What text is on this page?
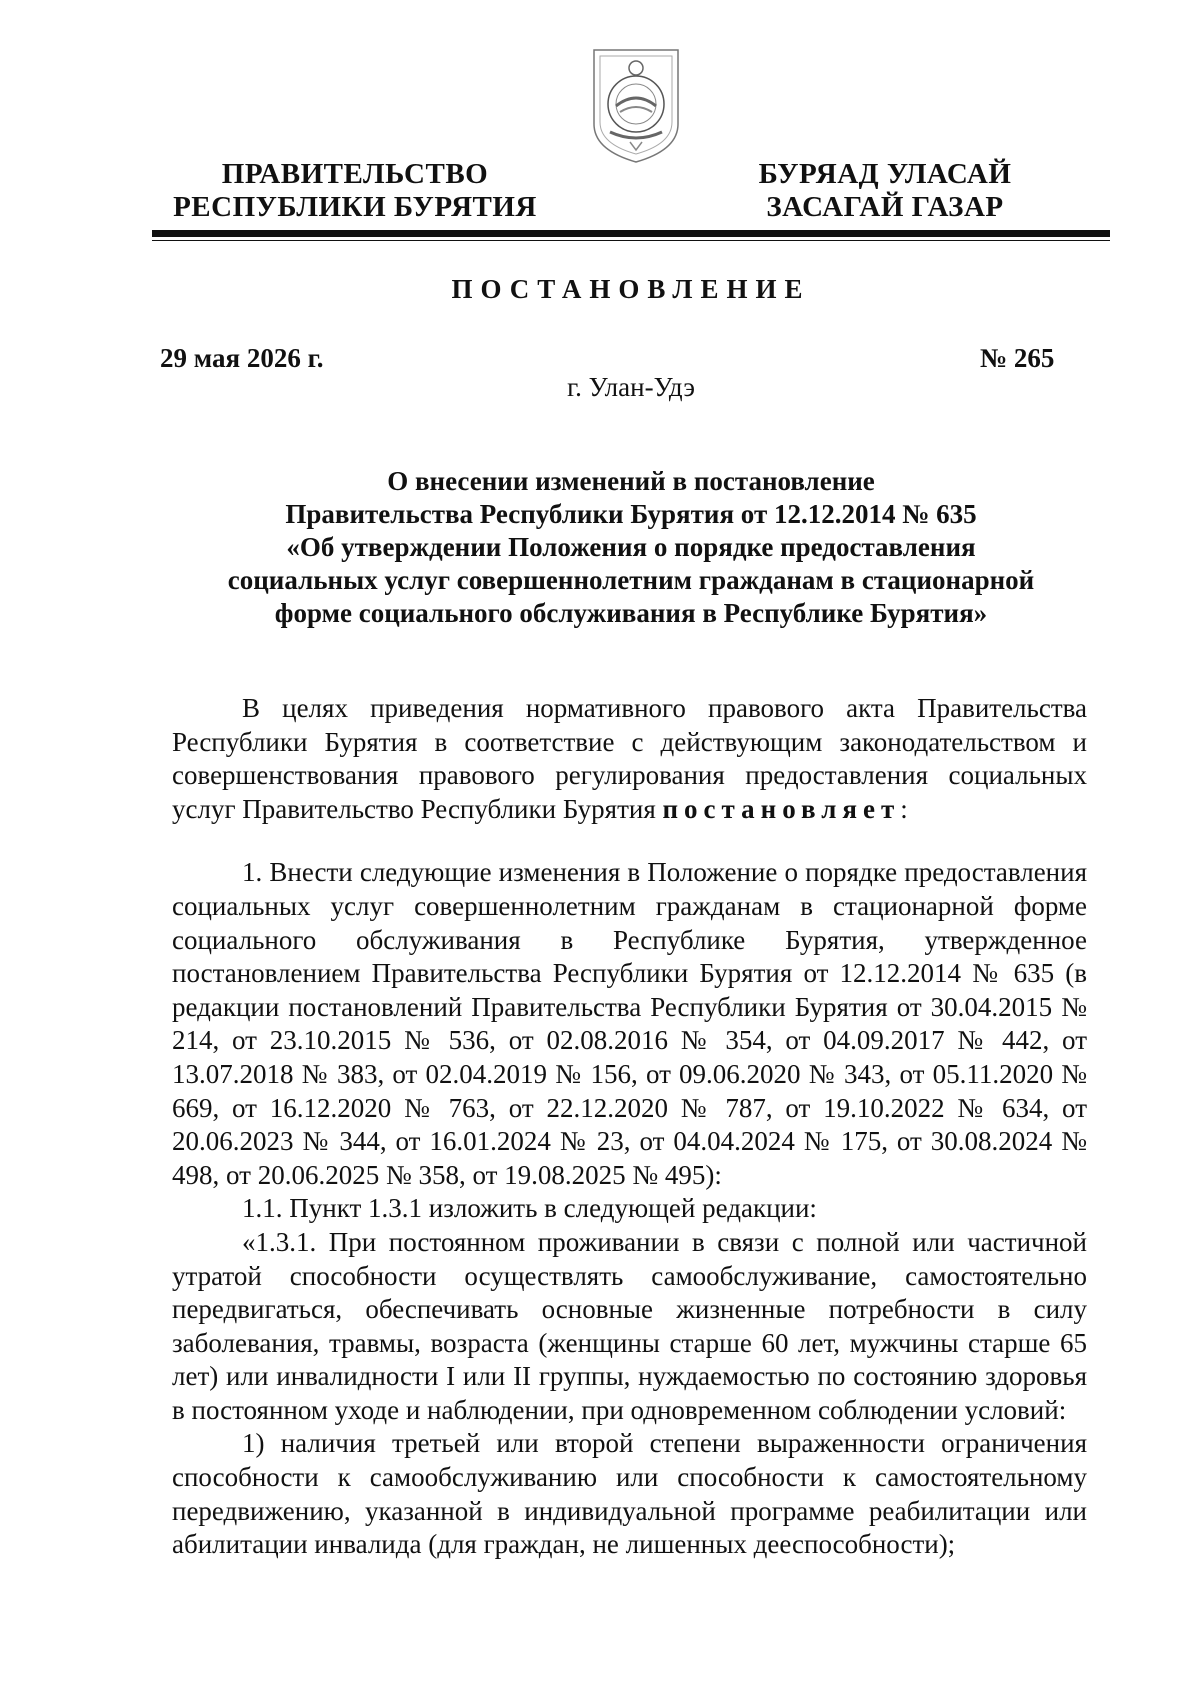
ПРАВИТЕЛЬСТВО
РЕСПУБЛИКИ БУРЯТИЯ
БУРЯАД УЛАСАЙ
ЗАСАГАЙ ГАЗАР
ПОСТАНОВЛЕНИЕ
29 мая 2026 г.	№ 265
г. Улан-Удэ
О внесении изменений в постановление
Правительства Республики Бурятия от 12.12.2014 № 635
«Об утверждении Положения о порядке предоставления
социальных услуг совершеннолетним гражданам в стационарной
форме социального обслуживания в Республике Бурятия»

В целях приведения нормативного правового акта Правительства Республики Бурятия в соответствие с действующим законодательством и совершенствования правового регулирования предоставления социальных услуг Правительство Республики Бурятия постановляет:

1. Внести следующие изменения в Положение о порядке предоставления социальных услуг совершеннолетним гражданам в стационарной форме социального обслуживания в Республике Бурятия, утвержденное постановлением Правительства Республики Бурятия от 12.12.2014 № 635 (в редакции постановлений Правительства Республики Бурятия от 30.04.2015 № 214, от 23.10.2015 № 536, от 02.08.2016 № 354, от 04.09.2017 № 442, от 13.07.2018 № 383, от 02.04.2019 № 156, от 09.06.2020 № 343, от 05.11.2020 № 669, от 16.12.2020 № 763, от 22.12.2020 № 787, от 19.10.2022 № 634, от 20.06.2023 № 344, от 16.01.2024 № 23, от 04.04.2024 № 175, от 30.08.2024 № 498, от 20.06.2025 № 358, от 19.08.2025 № 495):

1.1. Пункт 1.3.1 изложить в следующей редакции:

«1.3.1. При постоянном проживании в связи с полной или частичной утратой способности осуществлять самообслуживание, самостоятельно передвигаться, обеспечивать основные жизненные потребности в силу заболевания, травмы, возраста (женщины старше 60 лет, мужчины старше 65 лет) или инвалидности I или II группы, нуждаемостью по состоянию здоровья в постоянном уходе и наблюдении, при одновременном соблюдении условий:

1) наличия третьей или второй степени выраженности ограничения способности к самообслуживанию или способности к самостоятельному передвижению, указанной в индивидуальной программе реабилитации или абилитации инвалида (для граждан, не лишенных дееспособности);
